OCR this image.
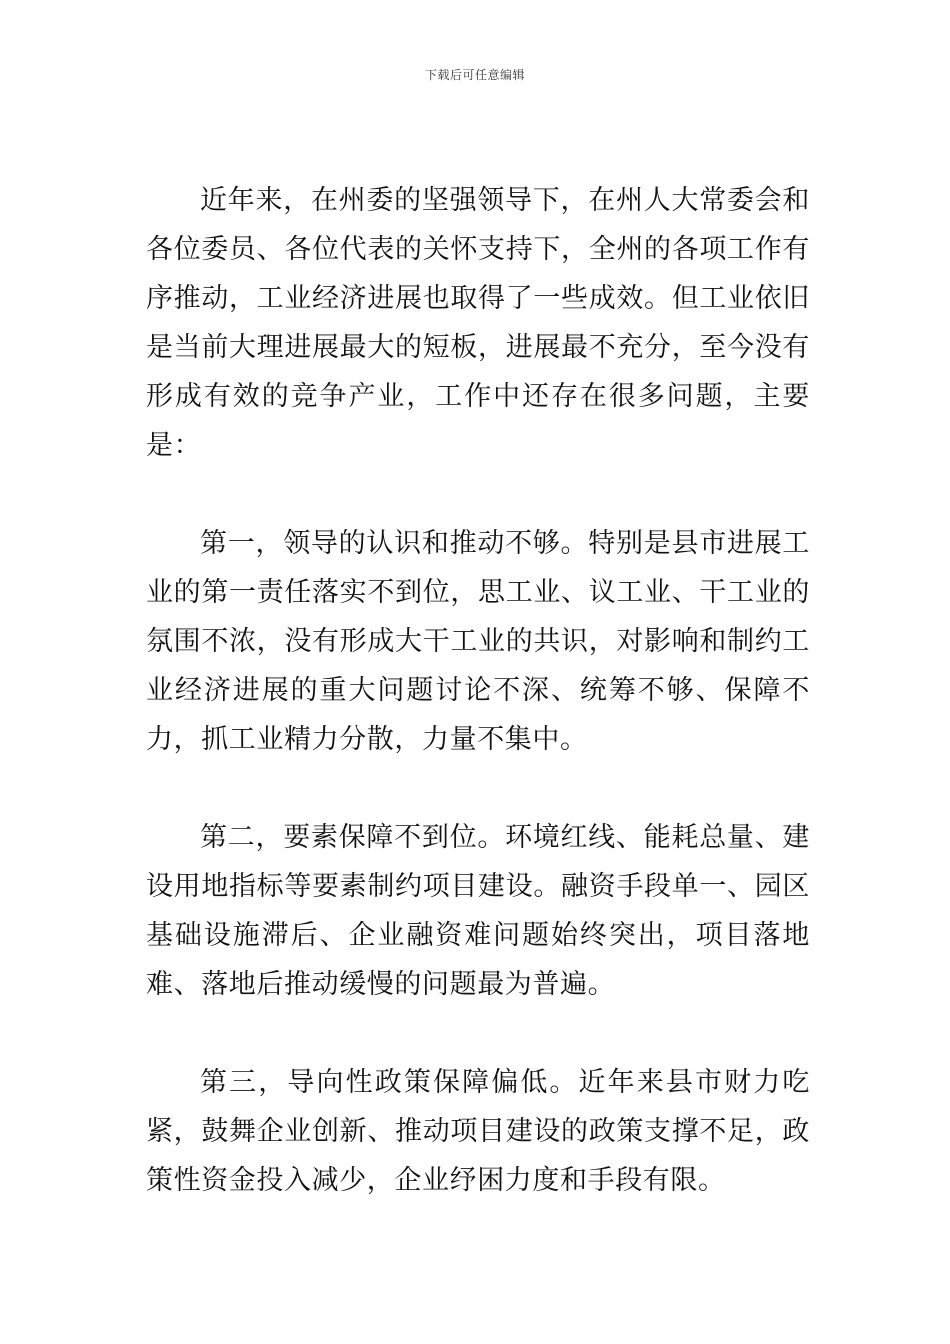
下载后可任意编辑

近年来，在州委的坚强领导下，在州人大常委会和各位委员、各位代表的关怀支持下，全州的各项工作有序推动，工业经济进展也取得了一些成效。但工业依旧是当前大理进展最大的短板，进展最不充分，至今没有形成有效的竞争产业，工作中还存在很多问题，主要是：

第一，领导的认识和推动不够。特别是县市进展工业的第一责任落实不到位，思工业、议工业、干工业的氛围不浓，没有形成大干工业的共识，对影响和制约工业经济进展的重大问题讨论不深、统筹不够、保障不力，抓工业精力分散，力量不集中。

第二，要素保障不到位。环境红线、能耗总量、建设用地指标等要素制约项目建设。融资手段单一、园区基础设施滞后、企业融资难问题始终突出，项目落地难、落地后推动缓慢的问题最为普遍。

第三，导向性政策保障偏低。近年来县市财力吃紧，鼓舞企业创新、推动项目建设的政策支撑不足，政策性资金投入减少，企业纾困力度和手段有限。
